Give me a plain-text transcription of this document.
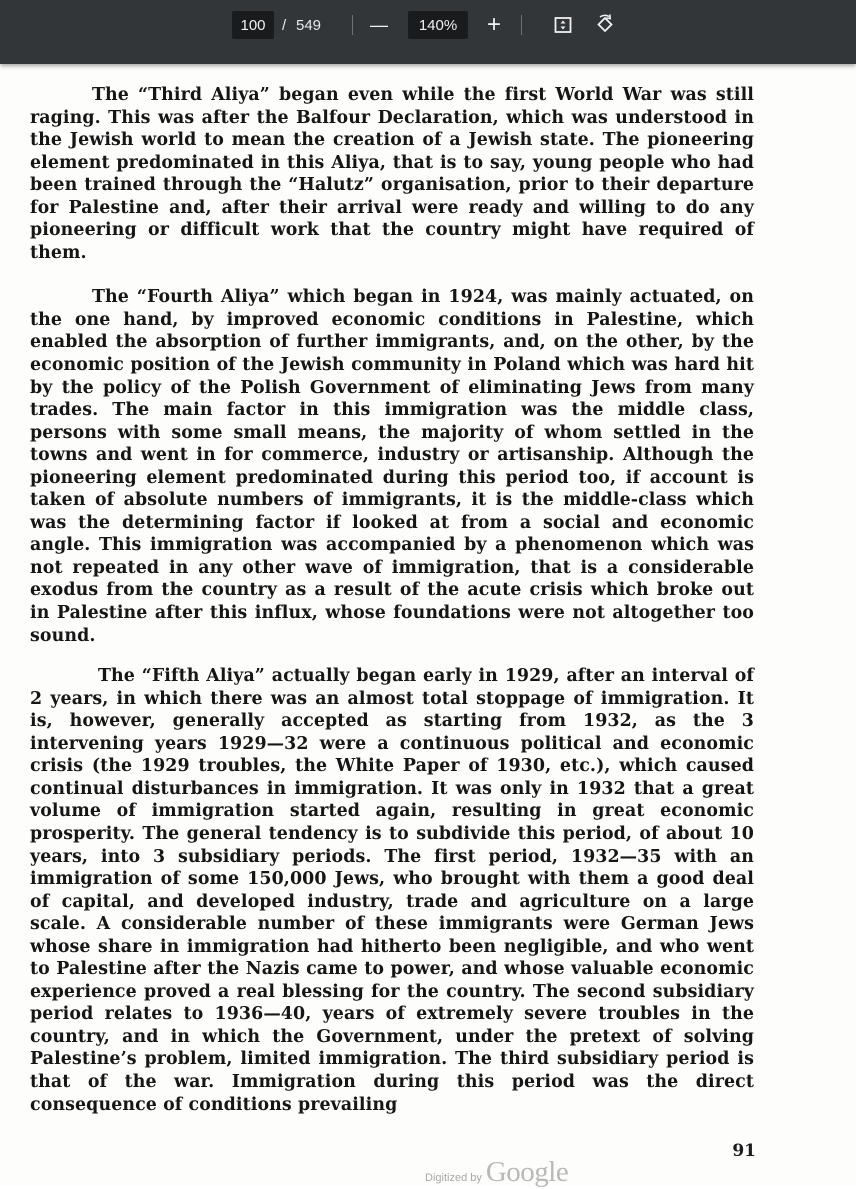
100	/ 549	—	140%	+

The “Third Aliya” began even while the first World War was still raging. This was after the Balfour Declaration, which was understood in the Jewish world to mean the creation of a Jewish state. The pioneering element predominated in this Aliya, that is to say, young people who had been trained through the “Halutz” organisation, prior to their departure for Palestine and, after their arrival were ready and willing to do any pioneering or difficult work that the country might have required of them.

The “Fourth Aliya” which began in 1924, was mainly actuated, on the one hand, by improved economic conditions in Palestine, which enabled the absorption of further immigrants, and, on the other, by the economic position of the Jewish community in Poland which was hard hit by the policy of the Polish Government of eliminating Jews from many trades. The main factor in this immigration was the middle class, persons with some small means, the majority of whom settled in the towns and went in for commerce, industry or artisanship. Although the pioneering element predominated during this period too, if account is taken of absolute numbers of immigrants, it is the middle-class which was the determining factor if looked at from a social and economic angle. This immigration was accompanied by a phenomenon which was not repeated in any other wave of immigration, that is a considerable exodus from the country as a result of the acute crisis which broke out in Palestine after this influx, whose foundations were not altogether too sound.

The “Fifth Aliya” actually began early in 1929, after an interval of 2 years, in which there was an almost total stoppage of immigration. It is, however, generally accepted as starting from 1932, as the 3 intervening years 1929—32 were a continuous political and economic crisis (the 1929 troubles, the White Paper of 1930, etc.), which caused continual disturbances in immigration. It was only in 1932 that a great volume of immigration started again, resulting in great economic prosperity. The general tendency is to subdivide this period, of about 10 years, into 3 subsidiary periods. The first period, 1932—35 with an immigration of some 150,000 Jews, who brought with them a good deal of capital, and developed industry, trade and agriculture on a large scale. A considerable number of these immigrants were German Jews whose share in immigration had hitherto been negligible, and who went to Palestine after the Nazis came to power, and whose valuable economic experience proved a real blessing for the country. The second subsidiary period relates to 1936—40, years of extremely severe troubles in the country, and in which the Government, under the pretext of solving Palestine’s problem, limited immigration. The third subsidiary period is that of the war. Immigration during this period was the direct consequence of conditions prevailing

91
Digitized by Google
